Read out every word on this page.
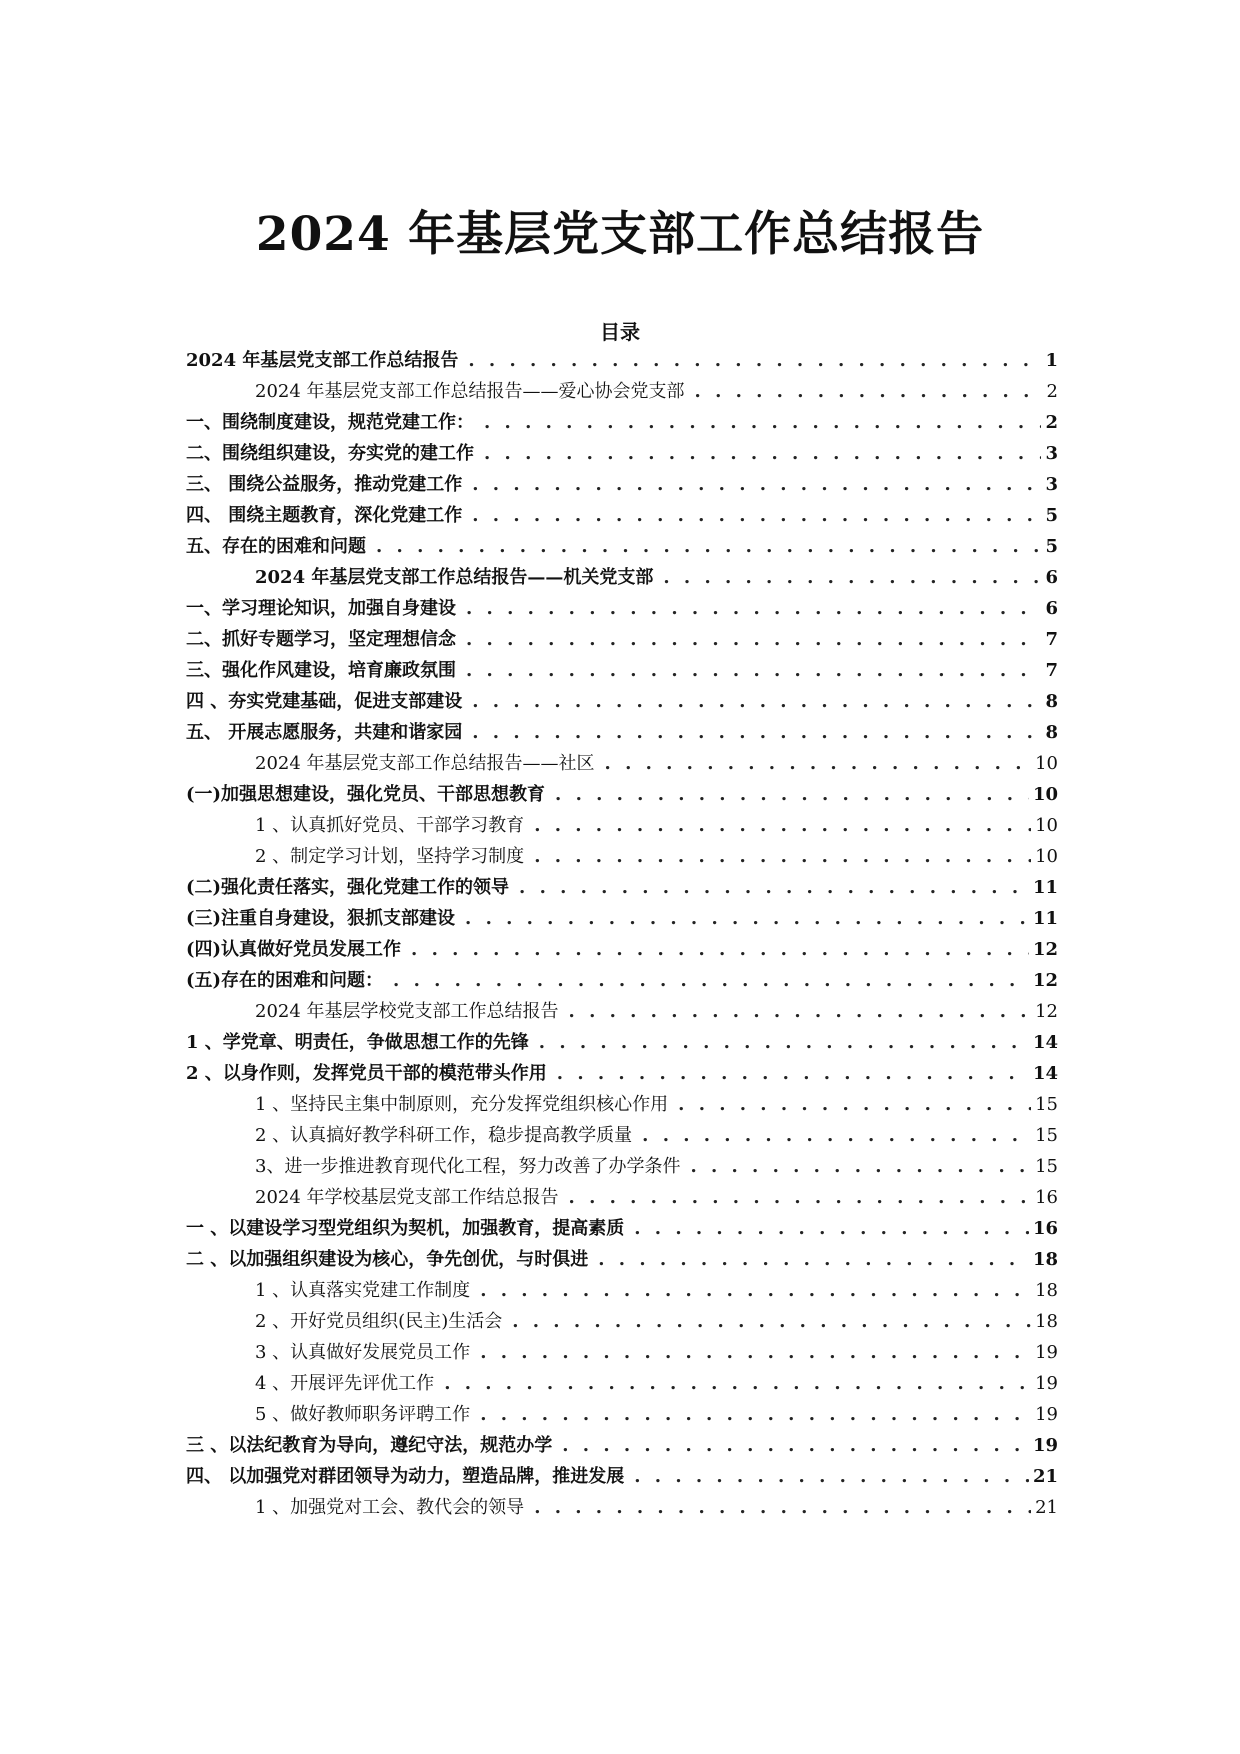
2024 年基层党支部工作总结报告
目录
2024 年基层党支部工作总结报告 . . .	1
2024 年基层党支部工作总结报告——爱心协会党支部 . . .	2
一、围绕制度建设，规范党建工作： . . .	2
二、围绕组织建设，夯实党的建工作 . . .	3
三、 围绕公益服务，推动党建工作 . . .	3
四、 围绕主题教育，深化党建工作 . . .	5
五、存在的困难和问题 . . .	5
2024 年基层党支部工作总结报告——机关党支部 . . .	6
一、学习理论知识，加强自身建设 . . .	6
二、抓好专题学习，坚定理想信念 . . .	7
三、强化作风建设，培育廉政氛围 . . .	7
四 、夯实党建基础，促进支部建设 . . .	8
五、 开展志愿服务，共建和谐家园 . . .	8
2024 年基层党支部工作总结报告——社区 . . .	10
(一)加强思想建设，强化党员、干部思想教育 . . .	10
1 、认真抓好党员、干部学习教育 . . .	10
2 、制定学习计划，坚持学习制度 . . .	10
(二)强化责任落实，强化党建工作的领导 . . .	11
(三)注重自身建设，狠抓支部建设 . . .	11
(四)认真做好党员发展工作 . . .	12
(五)存在的困难和问题： . . .	12
2024 年基层学校党支部工作总结报告 . . .	12
1 、学党章、明责任，争做思想工作的先锋 . . .	14
2 、以身作则，发挥党员干部的模范带头作用 . . .	14
1 、坚持民主集中制原则，充分发挥党组织核心作用 . . .	15
2 、认真搞好教学科研工作，稳步提高教学质量 . . .	15
3、进一步推进教育现代化工程，努力改善了办学条件 . . .	15
2024 年学校基层党支部工作结总报告 . . .	16
一 、以建设学习型党组织为契机，加强教育，提高素质 . . .	16
二 、以加强组织建设为核心，争先创优，与时俱进 . . .	18
1 、认真落实党建工作制度 . . .	18
2 、开好党员组织(民主)生活会 . . .	18
3 、认真做好发展党员工作 . . .	19
4 、开展评先评优工作 . . .	19
5 、做好教师职务评聘工作 . . .	19
三 、以法纪教育为导向，遵纪守法，规范办学 . . .	19
四、 以加强党对群团领导为动力，塑造品牌，推进发展 . . .	21
1 、加强党对工会、教代会的领导 . . .	21
